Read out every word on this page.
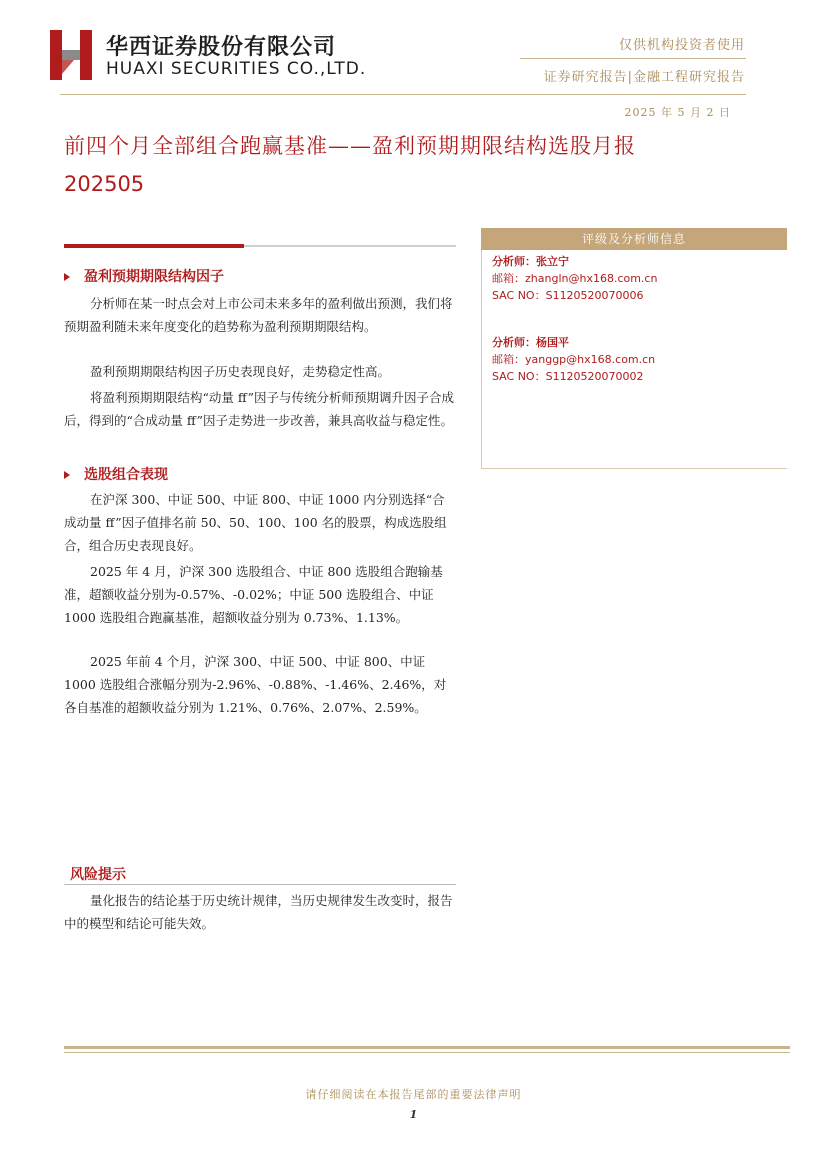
华西证券股份有限公司
HUAXI SECURITIES CO.,LTD.
仅供机构投资者使用
证券研究报告|金融工程研究报告
2025 年 5 月 2 日
前四个月全部组合跑赢基准——盈利预期期限结构选股月报
202505
盈利预期期限结构因子
分析师在某一时点会对上市公司未来多年的盈利做出预测，我们将预期盈利随未来年度变化的趋势称为盈利预期期限结构。
盈利预期期限结构因子历史表现良好，走势稳定性高。
将盈利预期期限结构“动量 ff”因子与传统分析师预期调升因子合成后，得到的“合成动量 ff”因子走势进一步改善，兼具高收益与稳定性。
选股组合表现
在沪深 300、中证 500、中证 800、中证 1000 内分别选择“合成动量 ff”因子值排名前 50、50、100、100 名的股票，构成选股组合，组合历史表现良好。
2025 年 4 月，沪深 300 选股组合、中证 800 选股组合跑输基准，超额收益分别为-0.57%、-0.02%；中证 500 选股组合、中证 1000 选股组合跑赢基准，超额收益分别为 0.73%、1.13%。
2025 年前 4 个月，沪深 300、中证 500、中证 800、中证 1000 选股组合涨幅分别为-2.96%、-0.88%、-1.46%、2.46%，对各自基准的超额收益分别为 1.21%、0.76%、2.07%、2.59%。
评级及分析师信息
分析师：张立宁
邮箱：zhangln@hx168.com.cn
SAC NO：S1120520070006
分析师：杨国平
邮箱：yanggp@hx168.com.cn
SAC NO：S1120520070002
风险提示
量化报告的结论基于历史统计规律，当历史规律发生改变时，报告中的模型和结论可能失效。
请仔细阅读在本报告尾部的重要法律声明
1
